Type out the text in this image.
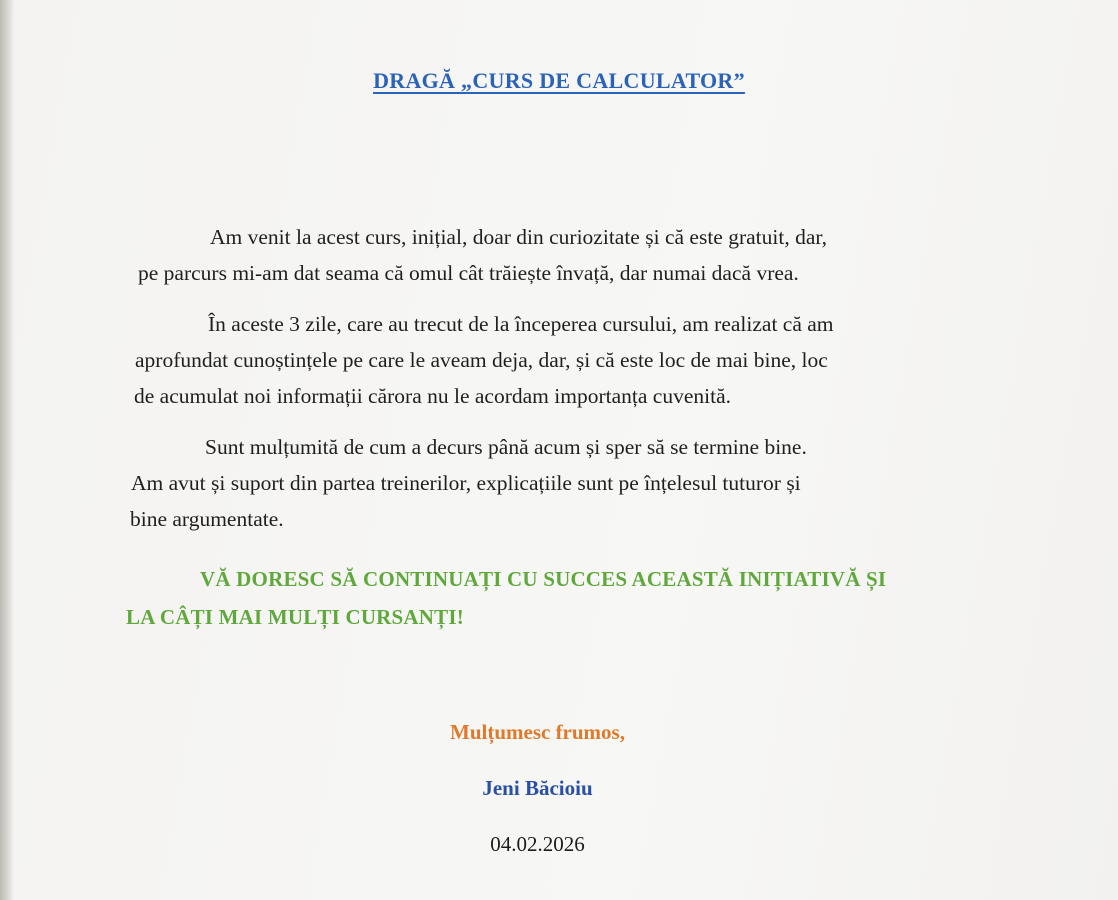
DRAGĂ „CURS DE CALCULATOR”
Am venit la acest curs, inițial, doar din curiozitate și că este gratuit, dar,
pe parcurs mi-am dat seama că omul cât trăiește învață, dar numai dacă vrea.
În aceste 3 zile, care au trecut de la începerea cursului, am realizat că am
aprofundat cunoștințele pe care le aveam deja, dar, și că este loc de mai bine, loc
de acumulat noi informații cărora nu le acordam importanța cuvenită.
Sunt mulțumită de cum a decurs până acum și sper să se termine bine.
Am avut și suport din partea treinerilor, explicațiile sunt pe înțelesul tuturor și
bine argumentate.
VĂ DORESC SĂ CONTINUAȚI CU SUCCES ACEASTĂ INIȚIATIVĂ ȘI
LA CÂȚI MAI MULȚI CURSANȚI!
Mulțumesc frumos,
Jeni Băcioiu
04.02.2026
